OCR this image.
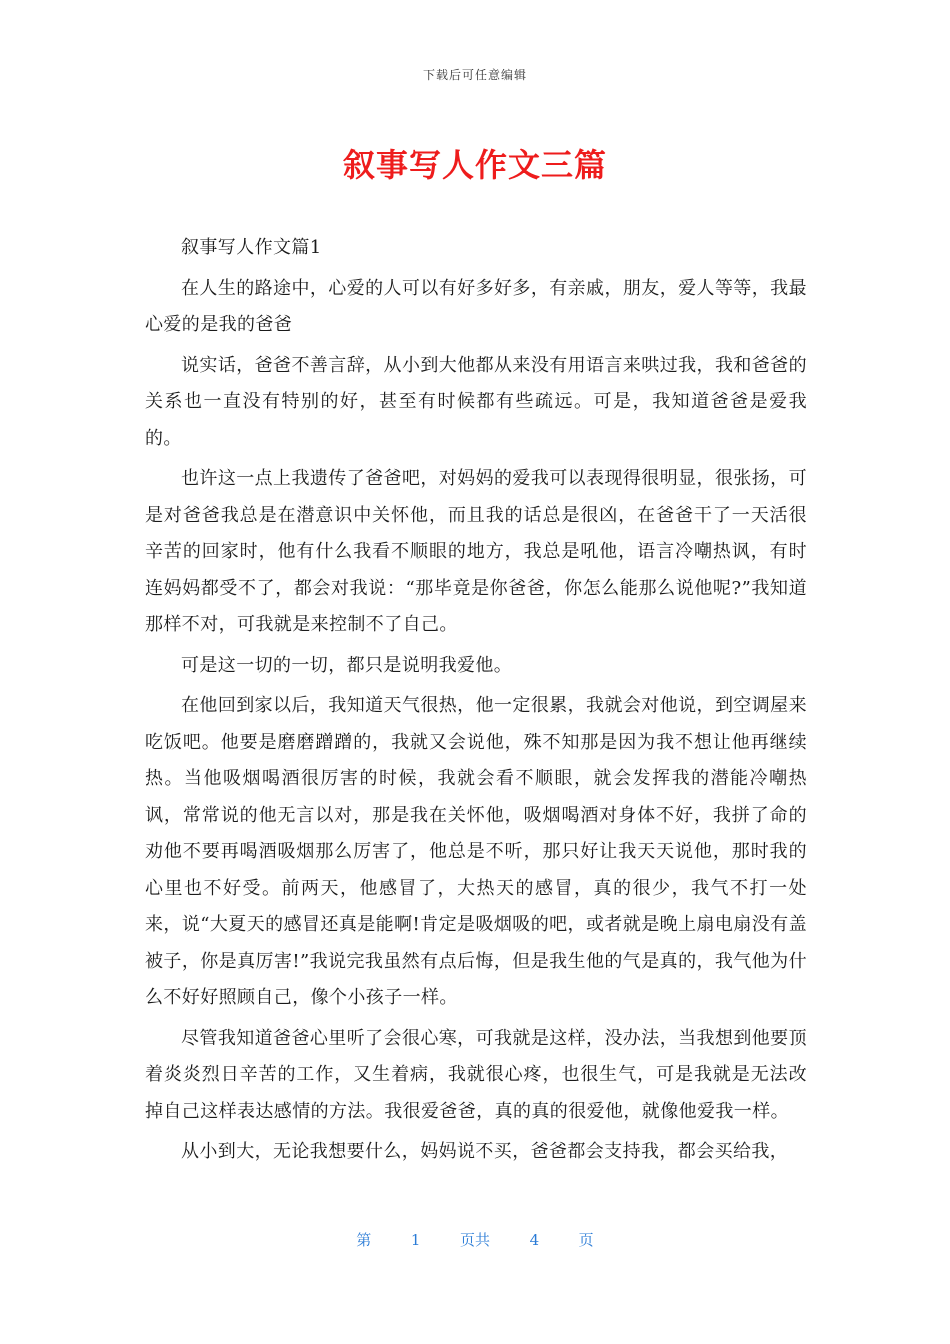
下载后可任意编辑
叙事写人作文三篇

叙事写人作文篇1

在人生的路途中，心爱的人可以有好多好多，有亲戚，朋友，爱人等等，我最心爱的是我的爸爸

说实话，爸爸不善言辞，从小到大他都从来没有用语言来哄过我，我和爸爸的关系也一直没有特别的好，甚至有时候都有些疏远。可是，我知道爸爸是爱我的。

也许这一点上我遗传了爸爸吧，对妈妈的爱我可以表现得很明显，很张扬，可是对爸爸我总是在潜意识中关怀他，而且我的话总是很凶，在爸爸干了一天活很辛苦的回家时，他有什么我看不顺眼的地方，我总是吼他，语言冷嘲热讽，有时连妈妈都受不了，都会对我说：“那毕竟是你爸爸，你怎么能那么说他呢?”我知道那样不对，可我就是来控制不了自己。

可是这一切的一切，都只是说明我爱他。

在他回到家以后，我知道天气很热，他一定很累，我就会对他说，到空调屋来吃饭吧。他要是磨磨蹭蹭的，我就又会说他，殊不知那是因为我不想让他再继续热。当他吸烟喝酒很厉害的时候，我就会看不顺眼，就会发挥我的潜能冷嘲热讽，常常说的他无言以对，那是我在关怀他，吸烟喝酒对身体不好，我拼了命的劝他不要再喝酒吸烟那么厉害了，他总是不听，那只好让我天天说他，那时我的心里也不好受。前两天，他感冒了，大热天的感冒，真的很少，我气不打一处来，说“大夏天的感冒还真是能啊!肯定是吸烟吸的吧，或者就是晚上扇电扇没有盖被子，你是真厉害!”我说完我虽然有点后悔，但是我生他的气是真的，我气他为什么不好好照顾自己，像个小孩子一样。

尽管我知道爸爸心里听了会很心寒，可我就是这样，没办法，当我想到他要顶着炎炎烈日辛苦的工作，又生着病，我就很心疼，也很生气，可是我就是无法改掉自己这样表达感情的方法。我很爱爸爸，真的真的很爱他，就像他爱我一样。

从小到大，无论我想要什么，妈妈说不买，爸爸都会支持我，都会买给我，

第	1	页共	4	页
